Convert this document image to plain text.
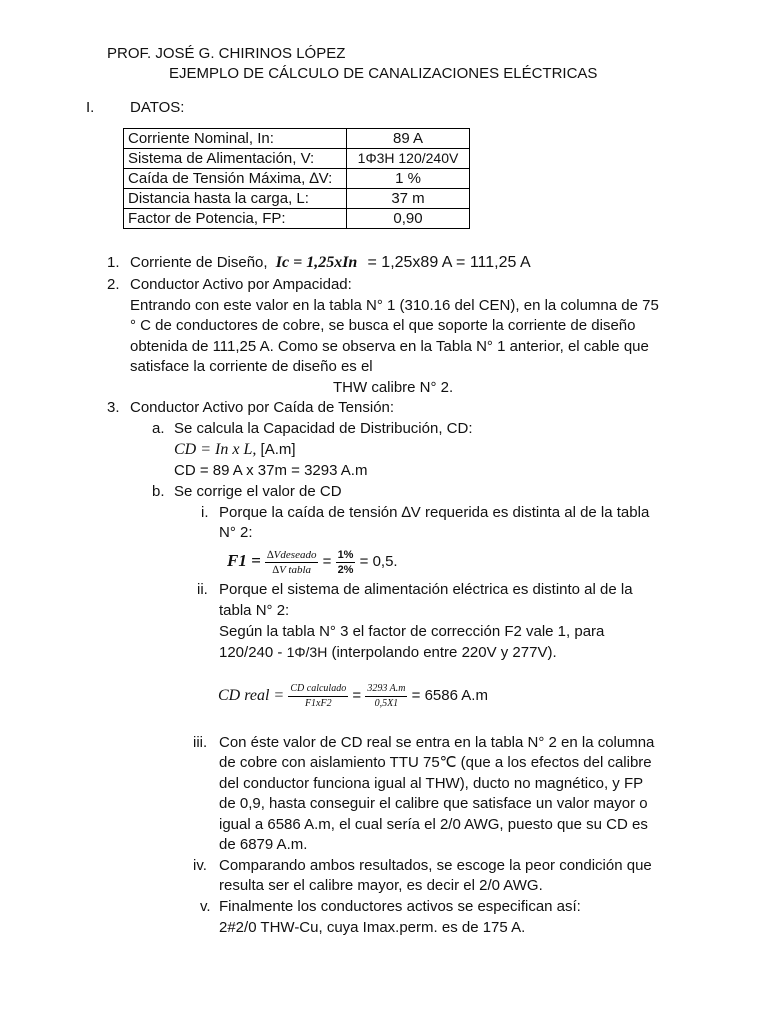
PROF. JOSÉ G. CHIRINOS LÓPEZ
EJEMPLO DE CÁLCULO DE CANALIZACIONES ELÉCTRICAS
I. DATOS:
Corriente Nominal, In:	89 A
Sistema de Alimentación, V:	1Φ3H 120/240V
Caída de Tensión Máxima, ∆V:	1 %
Distancia hasta la carga, L:	37 m
Factor de Potencia, FP:	0,90
1. Corriente de Diseño, Ic = 1,25xIn = 1,25x89 A = 111,25 A
2. Conductor Activo por Ampacidad:
Entrando con este valor en la tabla N° 1 (310.16 del CEN), en la columna de 75
° C de conductores de cobre, se busca el que soporte la corriente de diseño
obtenida de 111,25 A. Como se observa en la Tabla N° 1 anterior, el cable que
satisface la corriente de diseño es el
THW calibre N° 2.
3. Conductor Activo por Caída de Tensión:
a. Se calcula la Capacidad de Distribución, CD:
CD = In x L, [A.m]
CD = 89 A x 37m = 3293 A.m
b. Se corrige el valor de CD
i. Porque la caída de tensión ∆V requerida es distinta al de la tabla
N° 2:
$F1 = \frac{\text{∆Vdeseado}}{\text{∆V tabla}} = \frac{1\%}{2\%} = 0,5$.
ii. Porque el sistema de alimentación eléctrica es distinto al de la
tabla N° 2:
Según la tabla N° 3 el factor de corrección F2 vale 1, para
120/240 - 1Φ/3H (interpolando entre 220V y 277V).
CD real = $\frac{\text{CD calculado}}{F1xF2} = \frac{3293 A.m}{0,5X1} = 6586$ A.m
iii. Con éste valor de CD real se entra en la tabla N° 2 en la columna
de cobre con aislamiento TTU 75℃ (que a los efectos del calibre
del conductor funciona igual al THW), ducto no magnético, y FP
de 0,9, hasta conseguir el calibre que satisface un valor mayor o
igual a 6586 A.m, el cual sería el 2/0 AWG, puesto que su CD es
de 6879 A.m.
iv. Comparando ambos resultados, se escoge la peor condición que
resulta ser el calibre mayor, es decir el 2/0 AWG.
v. Finalmente los conductores activos se especifican así:
2#2/0 THW-Cu, cuya Imax.perm. es de 175 A.
